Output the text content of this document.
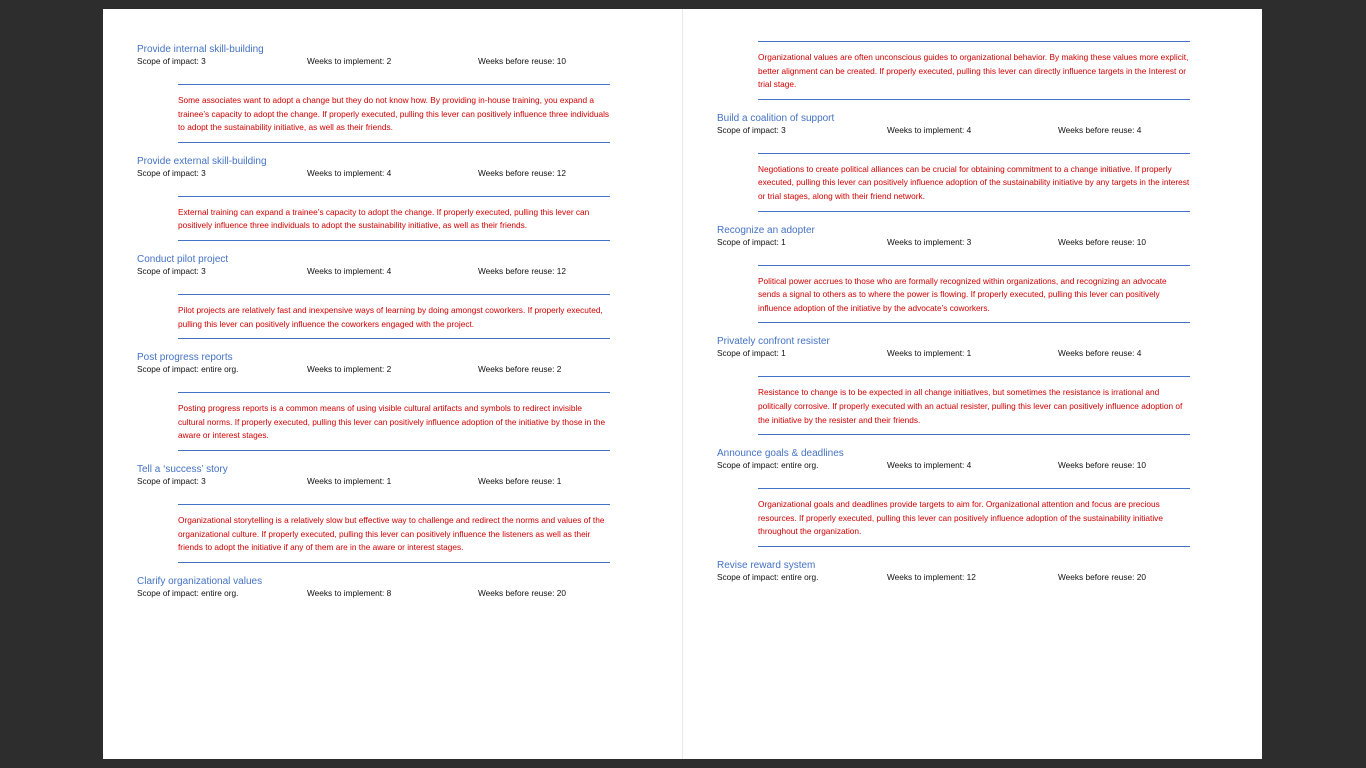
Provide internal skill-building
Scope of impact: 3	Weeks to implement: 2	Weeks before reuse: 10
Some associates want to adopt a change but they do not know how. By providing in-house training, you expand a trainee’s capacity to adopt the change. If properly executed, pulling this lever can positively influence three individuals to adopt the sustainability initiative, as well as their friends.
Provide external skill-building
Scope of impact: 3	Weeks to implement: 4	Weeks before reuse: 12
External training can expand a trainee’s capacity to adopt the change. If properly executed, pulling this lever can positively influence three individuals to adopt the sustainability initiative, as well as their friends.
Conduct pilot project
Scope of impact: 3	Weeks to implement: 4	Weeks before reuse: 12
Pilot projects are relatively fast and inexpensive ways of learning by doing amongst coworkers. If properly executed, pulling this lever can positively influence the coworkers engaged with the project.
Post progress reports
Scope of impact: entire org.	Weeks to implement: 2	Weeks before reuse: 2
Posting progress reports is a common means of using visible cultural artifacts and symbols to redirect invisible cultural norms. If properly executed, pulling this lever can positively influence adoption of the initiative by those in the aware or interest stages.
Tell a ‘success’ story
Scope of impact: 3	Weeks to implement: 1	Weeks before reuse: 1
Organizational storytelling is a relatively slow but effective way to challenge and redirect the norms and values of the organizational culture. If properly executed, pulling this lever can positively influence the listeners as well as their friends to adopt the initiative if any of them are in the aware or interest stages.
Clarify organizational values
Scope of impact: entire org.	Weeks to implement: 8	Weeks before reuse: 20
Organizational values are often unconscious guides to organizational behavior. By making these values more explicit, better alignment can be created. If properly executed, pulling this lever can directly influence targets in the Interest or trial stage.
Build a coalition of support
Scope of impact: 3	Weeks to implement: 4	Weeks before reuse: 4
Negotiations to create political alliances can be crucial for obtaining commitment to a change initiative. If properly executed, pulling this lever can positively influence adoption of the sustainability initiative by any targets in the interest or trial stages, along with their friend network.
Recognize an adopter
Scope of impact: 1	Weeks to implement: 3	Weeks before reuse: 10
Political power accrues to those who are formally recognized within organizations, and recognizing an advocate sends a signal to others as to where the power is flowing. If properly executed, pulling this lever can positively influence adoption of the initiative by the advocate’s coworkers.
Privately confront resister
Scope of impact: 1	Weeks to implement: 1	Weeks before reuse: 4
Resistance to change is to be expected in all change initiatives, but sometimes the resistance is irrational and politically corrosive. If properly executed with an actual resister, pulling this lever can positively influence adoption of the initiative by the resister and their friends.
Announce goals & deadlines
Scope of impact: entire org.	Weeks to implement: 4	Weeks before reuse: 10
Organizational goals and deadlines provide targets to aim for. Organizational attention and focus are precious resources. If properly executed, pulling this lever can positively influence adoption of the sustainability initiative throughout the organization.
Revise reward system
Scope of impact: entire org.	Weeks to implement: 12	Weeks before reuse: 20
